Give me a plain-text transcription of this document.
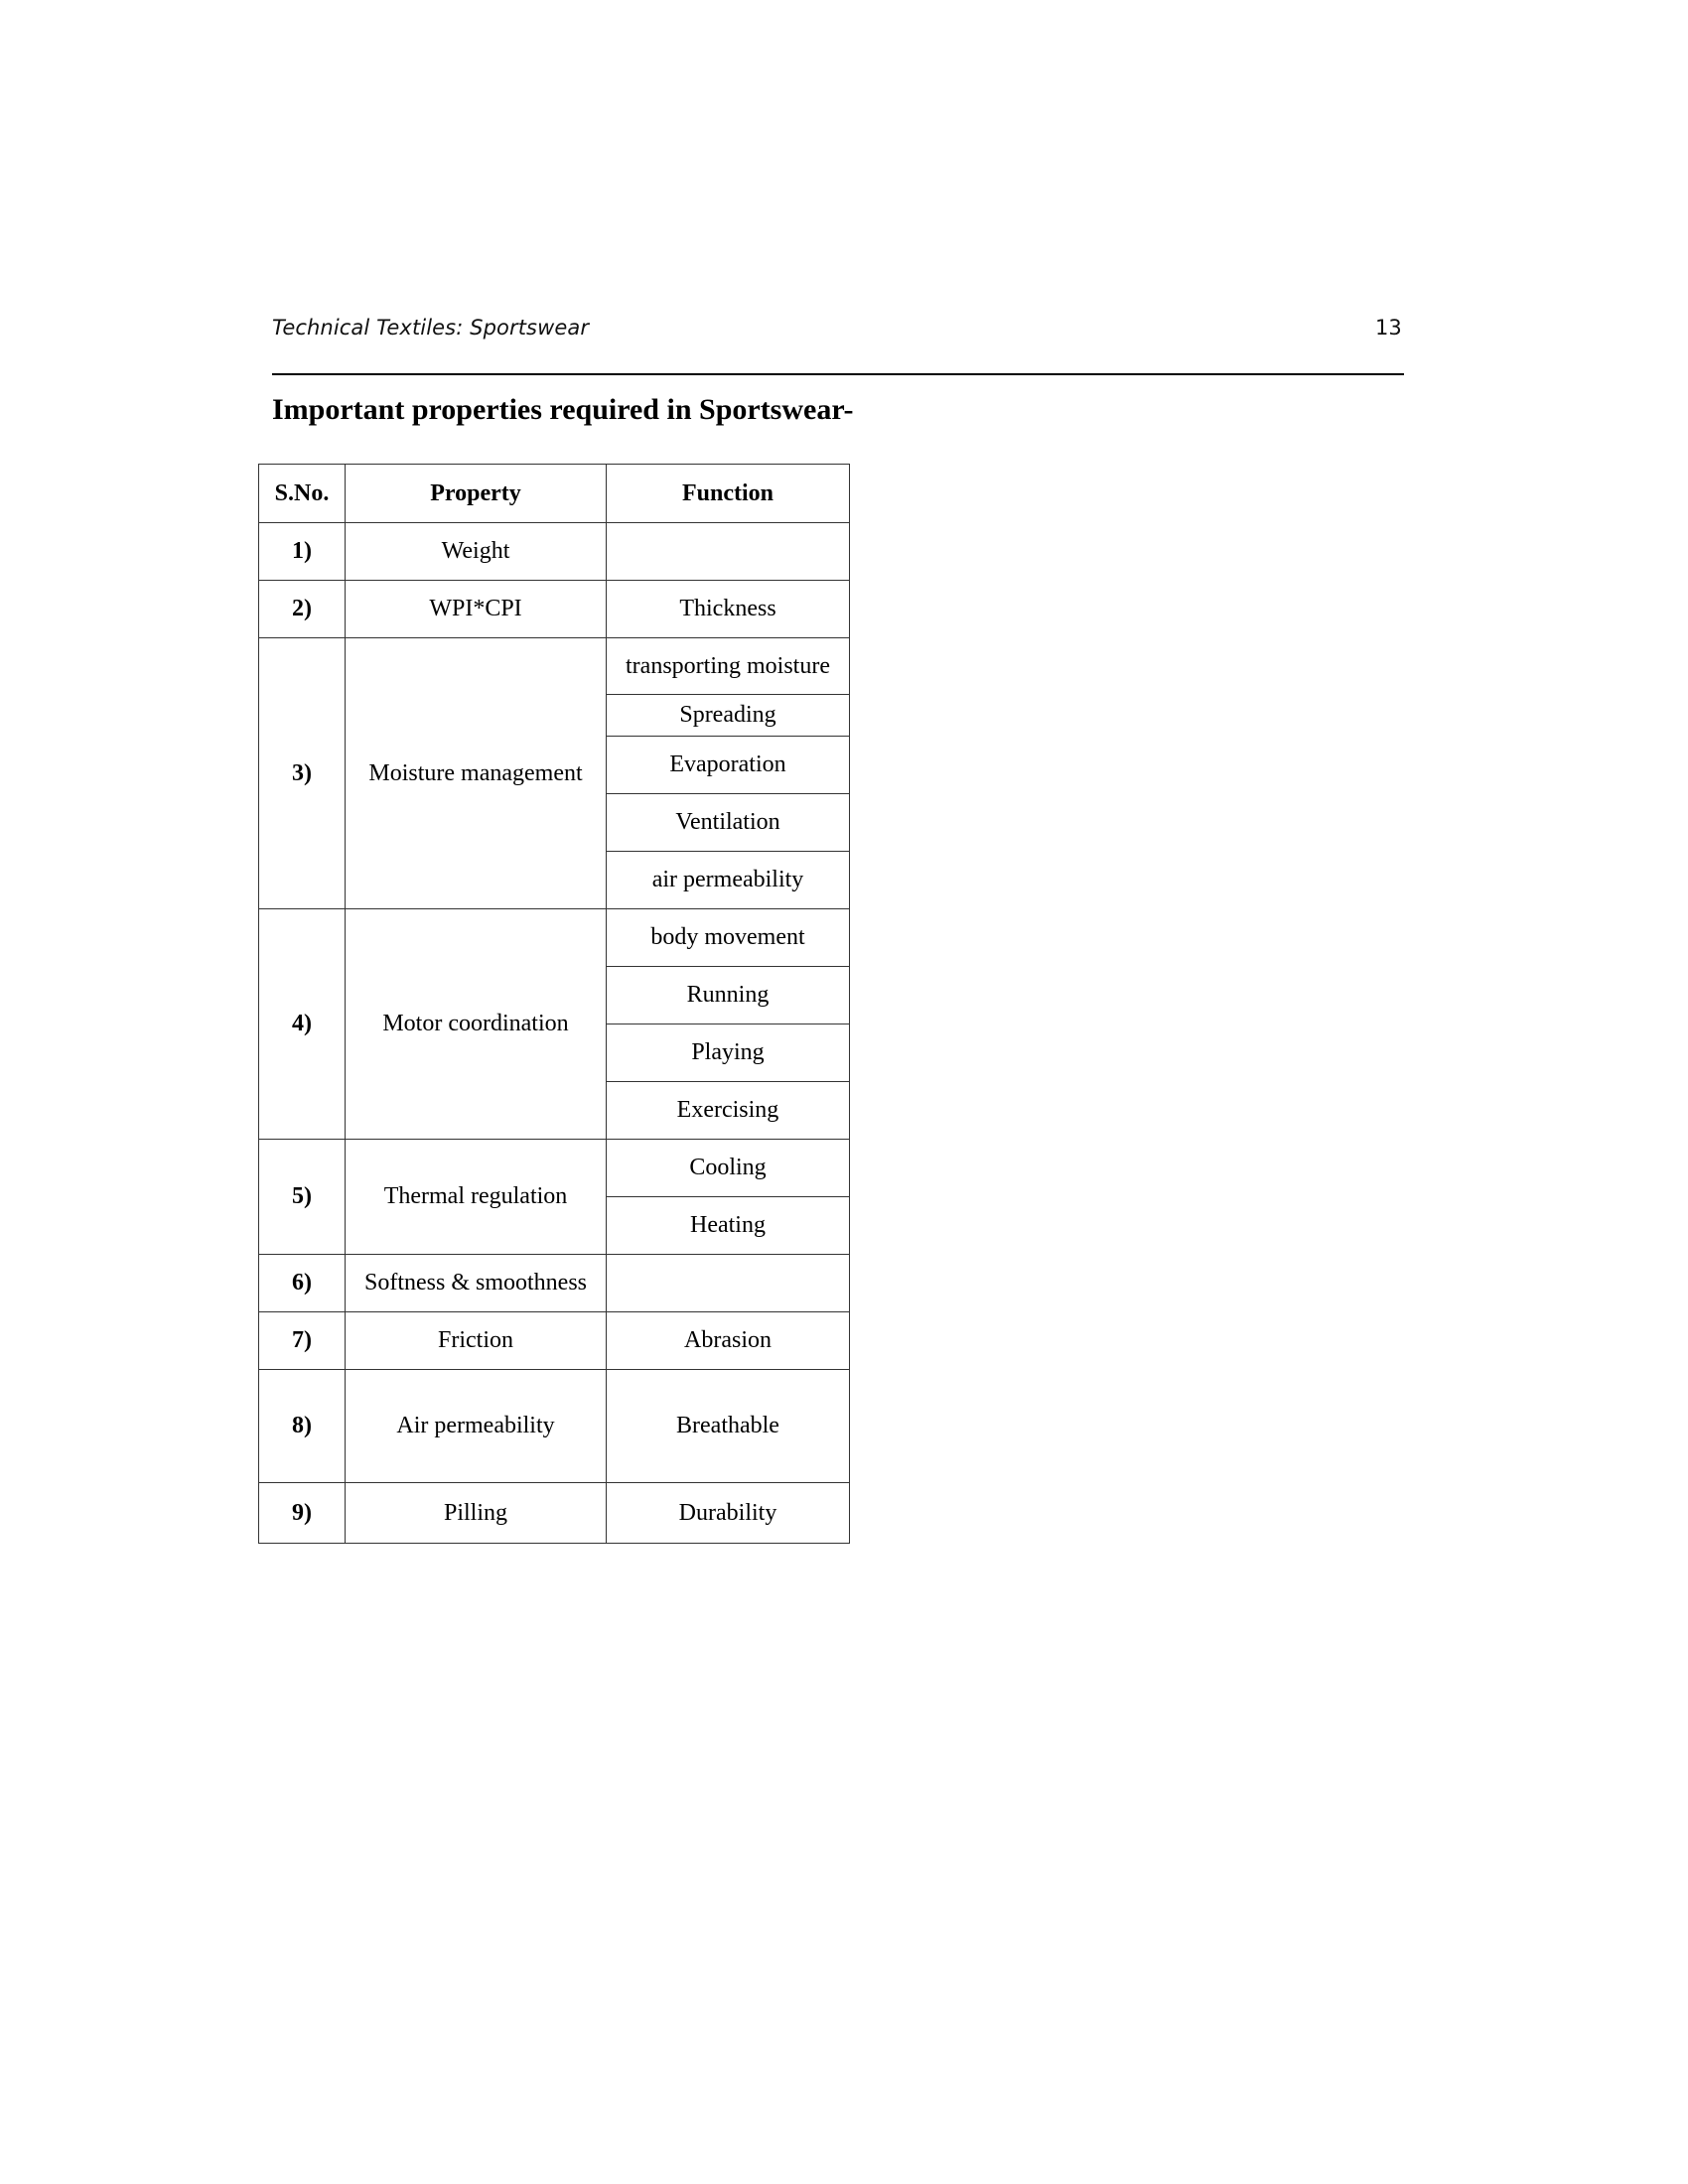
Technical Textiles: Sportswear	13
Important properties required in Sportswear-
S.No.	Property	Function
1)	Weight	
2)	WPI*CPI	Thickness
3)	Moisture management	transporting moisture
		Spreading
		Evaporation
		Ventilation
		air permeability
4)	Motor coordination	body movement
		Running
		Playing
		Exercising
5)	Thermal regulation	Cooling
		Heating
6)	Softness & smoothness	
7)	Friction	Abrasion
8)	Air permeability	Breathable
9)	Pilling	Durability
